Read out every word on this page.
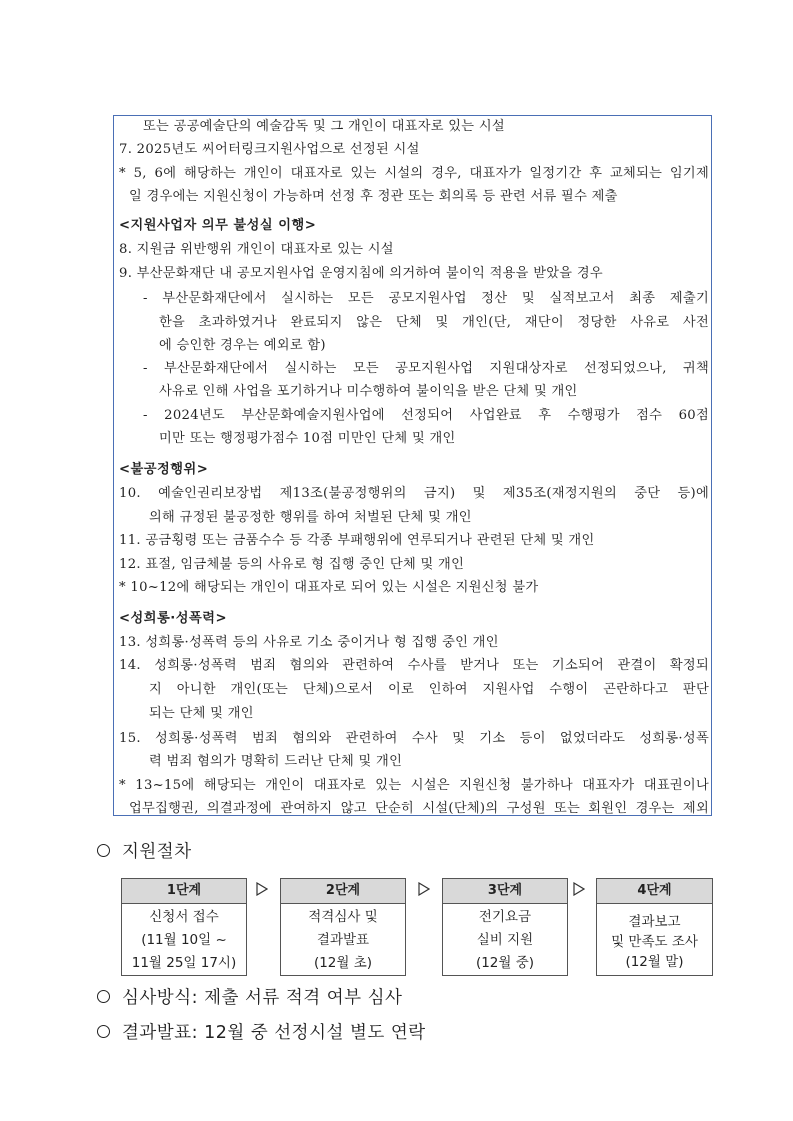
또는 공공예술단의 예술감독 및 그 개인이 대표자로 있는 시설
7. 2025년도 씨어터링크지원사업으로 선정된 시설
* 5, 6에 해당하는 개인이 대표자로 있는 시설의 경우, 대표자가 일정기간 후 교체되는 임기제
일 경우에는 지원신청이 가능하며 선정 후 정관 또는 회의록 등 관련 서류 필수 제출
<지원사업자 의무 불성실 이행>
8. 지원금 위반행위 개인이 대표자로 있는 시설
9. 부산문화재단 내 공모지원사업 운영지침에 의거하여 불이익 적용을 받았을 경우
- 부산문화재단에서 실시하는 모든 공모지원사업 정산 및 실적보고서 최종 제출기
한을 초과하였거나 완료되지 않은 단체 및 개인(단, 재단이 정당한 사유로 사전
에 승인한 경우는 예외로 함)
- 부산문화재단에서 실시하는 모든 공모지원사업 지원대상자로 선정되었으나, 귀책
사유로 인해 사업을 포기하거나 미수행하여 불이익을 받은 단체 및 개인
- 2024년도 부산문화예술지원사업에 선정되어 사업완료 후 수행평가 점수 60점
미만 또는 행정평가점수 10점 미만인 단체 및 개인
<불공정행위>
10. 예술인권리보장법 제13조(불공정행위의 금지) 및 제35조(재정지원의 중단 등)에
의해 규정된 불공정한 행위를 하여 처벌된 단체 및 개인
11. 공금횡령 또는 금품수수 등 각종 부패행위에 연루되거나 관련된 단체 및 개인
12. 표절, 임금체불 등의 사유로 형 집행 중인 단체 및 개인
* 10~12에 해당되는 개인이 대표자로 되어 있는 시설은 지원신청 불가
<성희롱·성폭력>
13. 성희롱·성폭력 등의 사유로 기소 중이거나 형 집행 중인 개인
14. 성희롱·성폭력 범죄 혐의와 관련하여 수사를 받거나 또는 기소되어 관결이 확정되
지 아니한 개인(또는 단체)으로서 이로 인하여 지원사업 수행이 곤란하다고 판단
되는 단체 및 개인
15. 성희롱·성폭력 범죄 혐의와 관련하여 수사 및 기소 등이 없었더라도 성희롱·성폭
력 범죄 혐의가 명확히 드러난 단체 및 개인
* 13~15에 해당되는 개인이 대표자로 있는 시설은 지원신청 불가하나 대표자가 대표권이나
업무집행권, 의결과정에 관여하지 않고 단순히 시설(단체)의 구성원 또는 회원인 경우는 제외
지원절차
1단계
신청서 접수
(11월 10일 ~
11월 25일 17시)
2단계
적격심사 및
결과발표
(12월 초)
3단계
전기요금
실비 지원
(12월 중)
4단계
결과보고
및 만족도 조사
(12월 말)
심사방식: 제출 서류 적격 여부 심사
결과발표: 12월 중 선정시설 별도 연락
